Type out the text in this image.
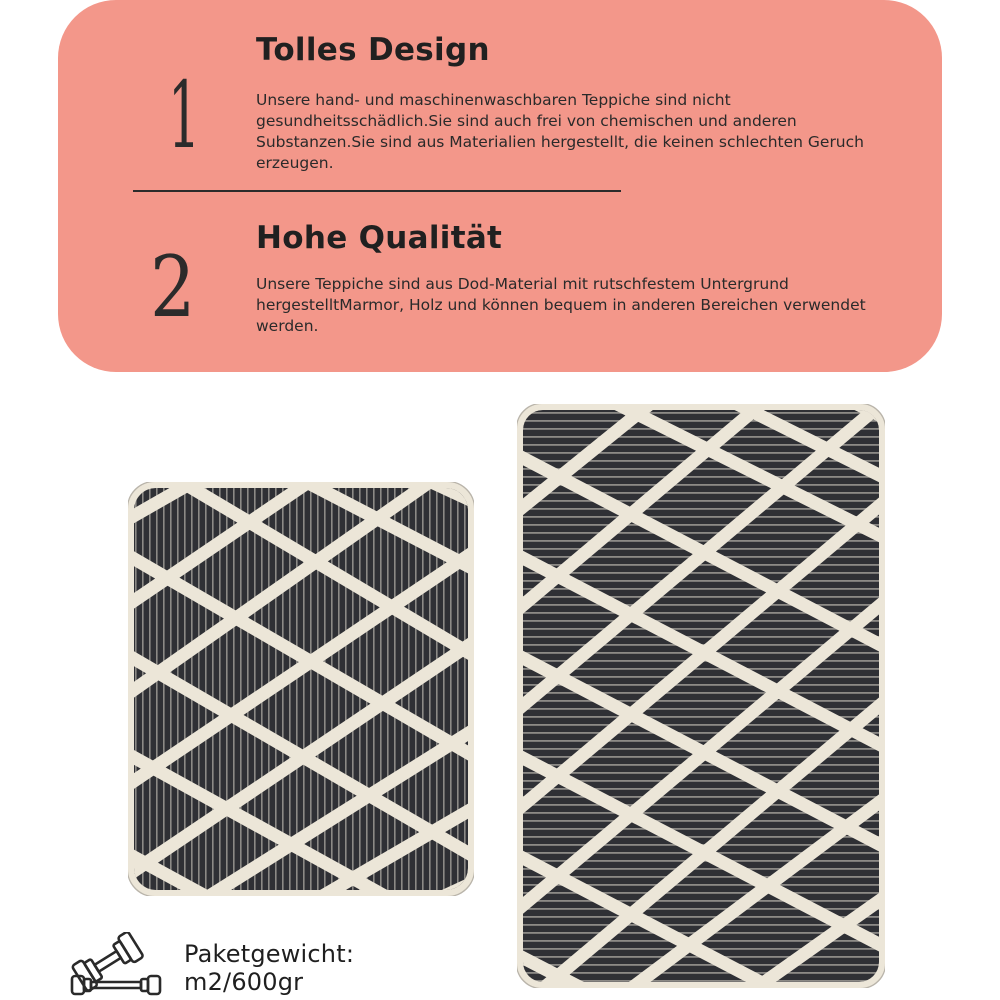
1
Tolles Design
Unsere hand- und maschinenwaschbaren Teppiche sind nicht gesundheitsschädlich.Sie sind auch frei von chemischen und anderen Substanzen.Sie sind aus Materialien hergestellt, die keinen schlechten Geruch erzeugen.
2 Hohe Qualität
Unsere Teppiche sind aus Dod-Material mit rutschfestem Untergrund hergestelltMarmor, Holz und können bequem in anderen Bereichen verwendet werden.
Paketgewicht:
m2/600gr
